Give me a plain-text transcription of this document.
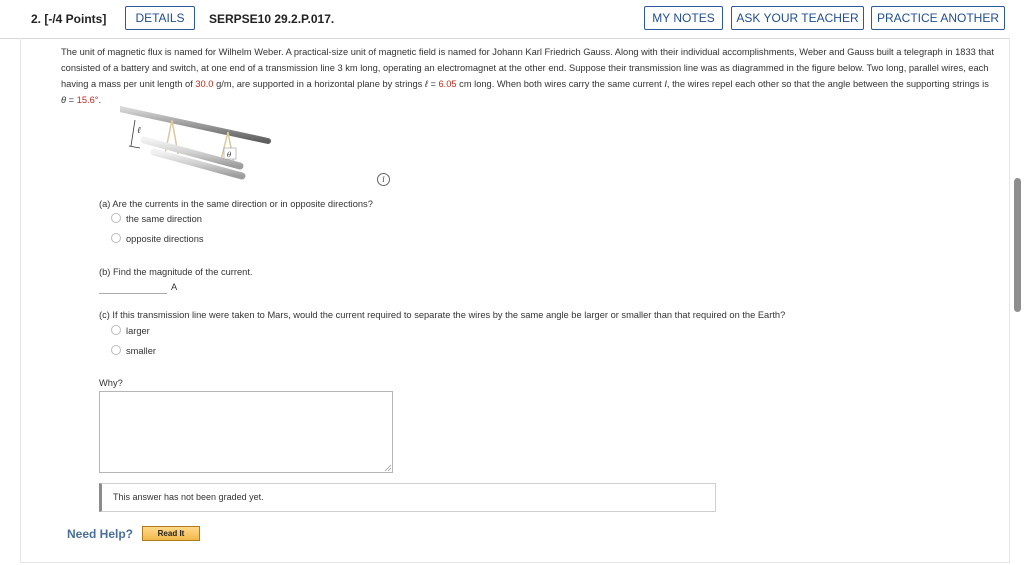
2. [-/4 Points]	DETAILS	SERPSE10 29.2.P.017.	MY NOTES	ASK YOUR TEACHER	PRACTICE ANOTHER

The unit of magnetic flux is named for Wilhelm Weber. A practical-size unit of magnetic field is named for Johann Karl Friedrich Gauss. Along with their individual accomplishments, Weber and Gauss built a telegraph in 1833 that consisted of a battery and switch, at one end of a transmission line 3 km long, operating an electromagnet at the other end. Suppose their transmission line was as diagrammed in the figure below. Two long, parallel wires, each having a mass per unit length of 30.0 g/m, are supported in a horizontal plane by strings ℓ = 6.05 cm long. When both wires carry the same current I, the wires repel each other so that the angle between the supporting strings is θ = 15.6°.

ℓ
θ
i
(a) Are the currents in the same direction or in opposite directions?
the same direction
opposite directions
(b) Find the magnitude of the current.
A
(c) If this transmission line were taken to Mars, would the current required to separate the wires by the same angle be larger or smaller than that required on the Earth?
larger
smaller
Why?
This answer has not been graded yet.
Need Help?	Read It
